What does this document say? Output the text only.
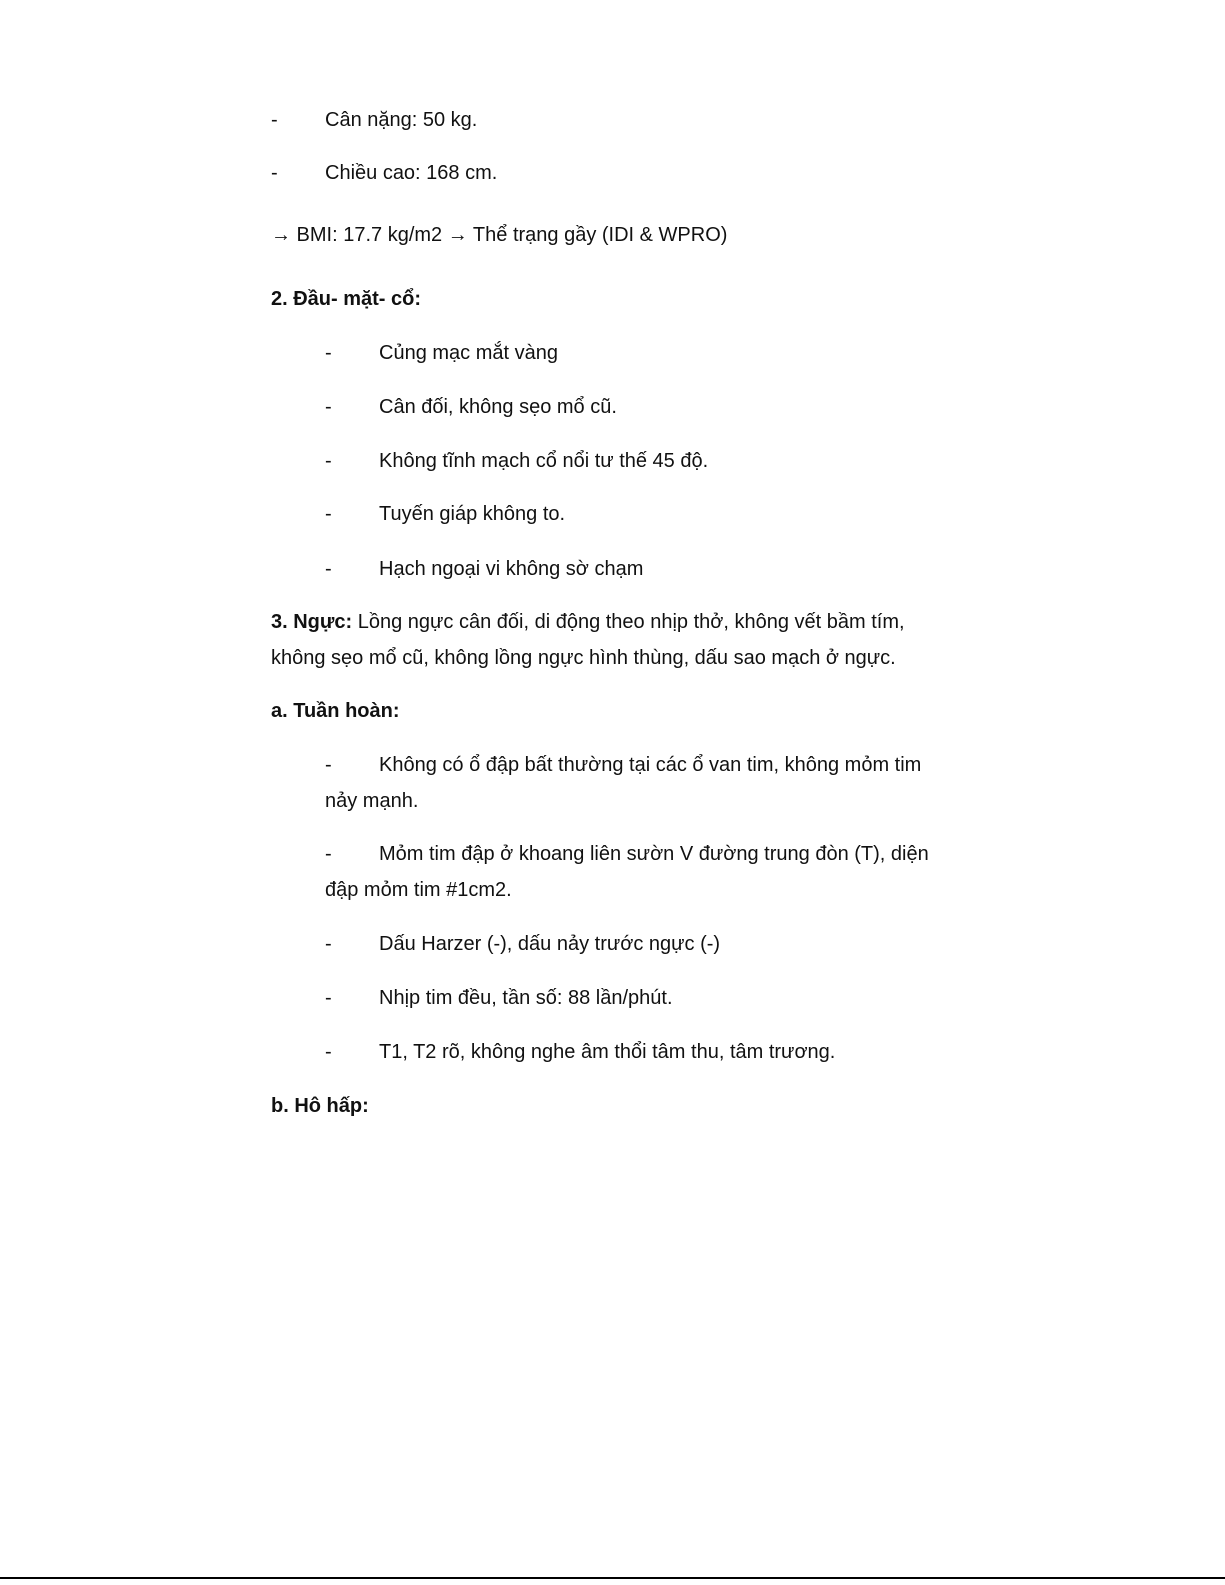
- Cân nặng: 50 kg.
- Chiều cao: 168 cm.
→ BMI: 17.7 kg/m2 → Thể trạng gầy (IDI & WPRO)
2. Đầu- mặt- cổ:
- Củng mạc mắt vàng
- Cân đối, không sẹo mổ cũ.
- Không tĩnh mạch cổ nổi tư thế 45 độ.
- Tuyến giáp không to.
- Hạch ngoại vi không sờ chạm
3. Ngực: Lồng ngực cân đối, di động theo nhịp thở, không vết bầm tím,
không sẹo mổ cũ, không lồng ngực hình thùng, dấu sao mạch ở ngực.
a. Tuần hoàn:
- Không có ổ đập bất thường tại các ổ van tim, không mỏm tim
nảy mạnh.
- Mỏm tim đập ở khoang liên sườn V đường trung đòn (T), diện
đập mỏm tim #1cm2.
- Dấu Harzer (-), dấu nảy trước ngực (-)
- Nhịp tim đều, tần số: 88 lần/phút.
- T1, T2 rõ, không nghe âm thổi tâm thu, tâm trương.
b. Hô hấp:
